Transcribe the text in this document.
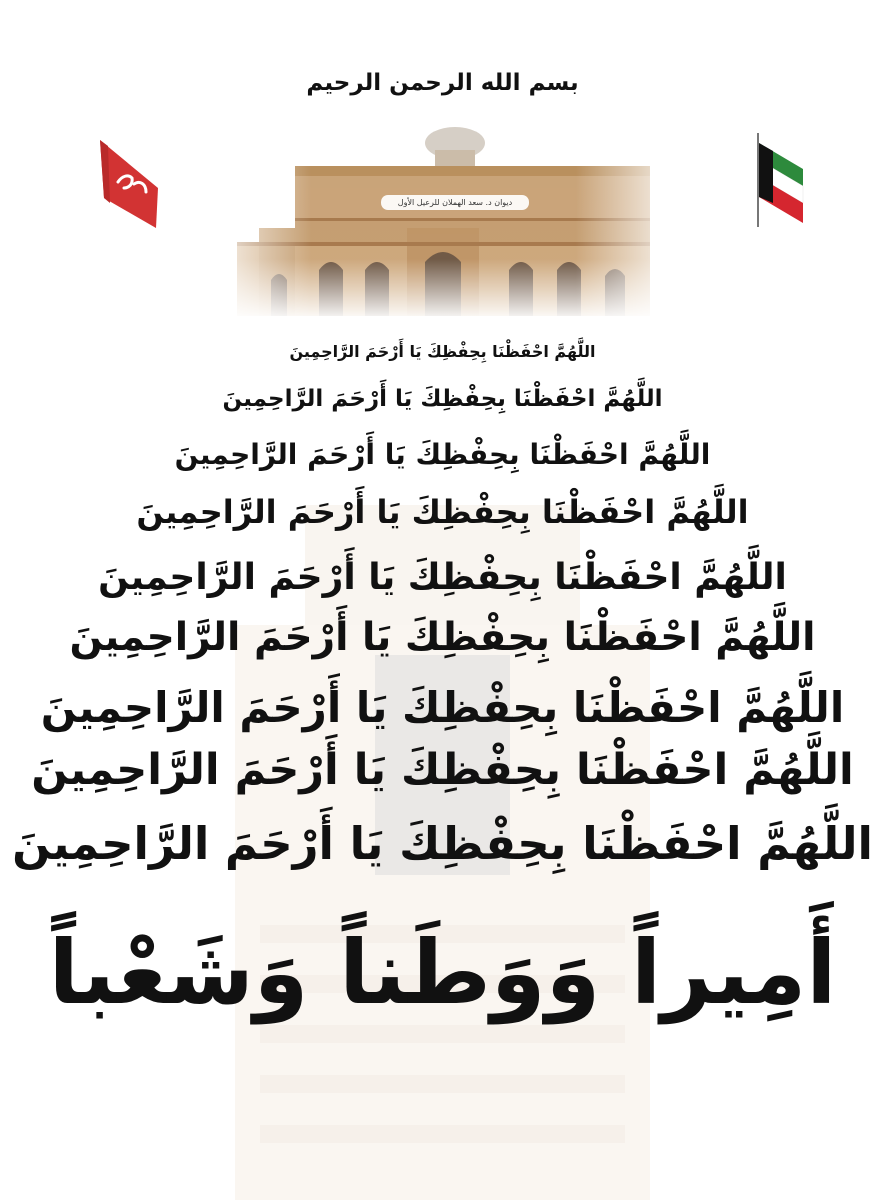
بسم الله الرحمن الرحيم
ديوان د. سعد الهملان للرعيل الأول
اللَّهُمَّ احْفَظْنَا بِحِفْظِكَ يَا أَرْحَمَ الرَّاحِمِينَ
اللَّهُمَّ احْفَظْنَا بِحِفْظِكَ يَا أَرْحَمَ الرَّاحِمِينَ
اللَّهُمَّ احْفَظْنَا بِحِفْظِكَ يَا أَرْحَمَ الرَّاحِمِينَ
اللَّهُمَّ احْفَظْنَا بِحِفْظِكَ يَا أَرْحَمَ الرَّاحِمِينَ
اللَّهُمَّ احْفَظْنَا بِحِفْظِكَ يَا أَرْحَمَ الرَّاحِمِينَ
اللَّهُمَّ احْفَظْنَا بِحِفْظِكَ يَا أَرْحَمَ الرَّاحِمِينَ
اللَّهُمَّ احْفَظْنَا بِحِفْظِكَ يَا أَرْحَمَ الرَّاحِمِينَ
اللَّهُمَّ احْفَظْنَا بِحِفْظِكَ يَا أَرْحَمَ الرَّاحِمِينَ
اللَّهُمَّ احْفَظْنَا بِحِفْظِكَ يَا أَرْحَمَ الرَّاحِمِينَ
أَمِيراً وَوَطَناً وَشَعْباً
